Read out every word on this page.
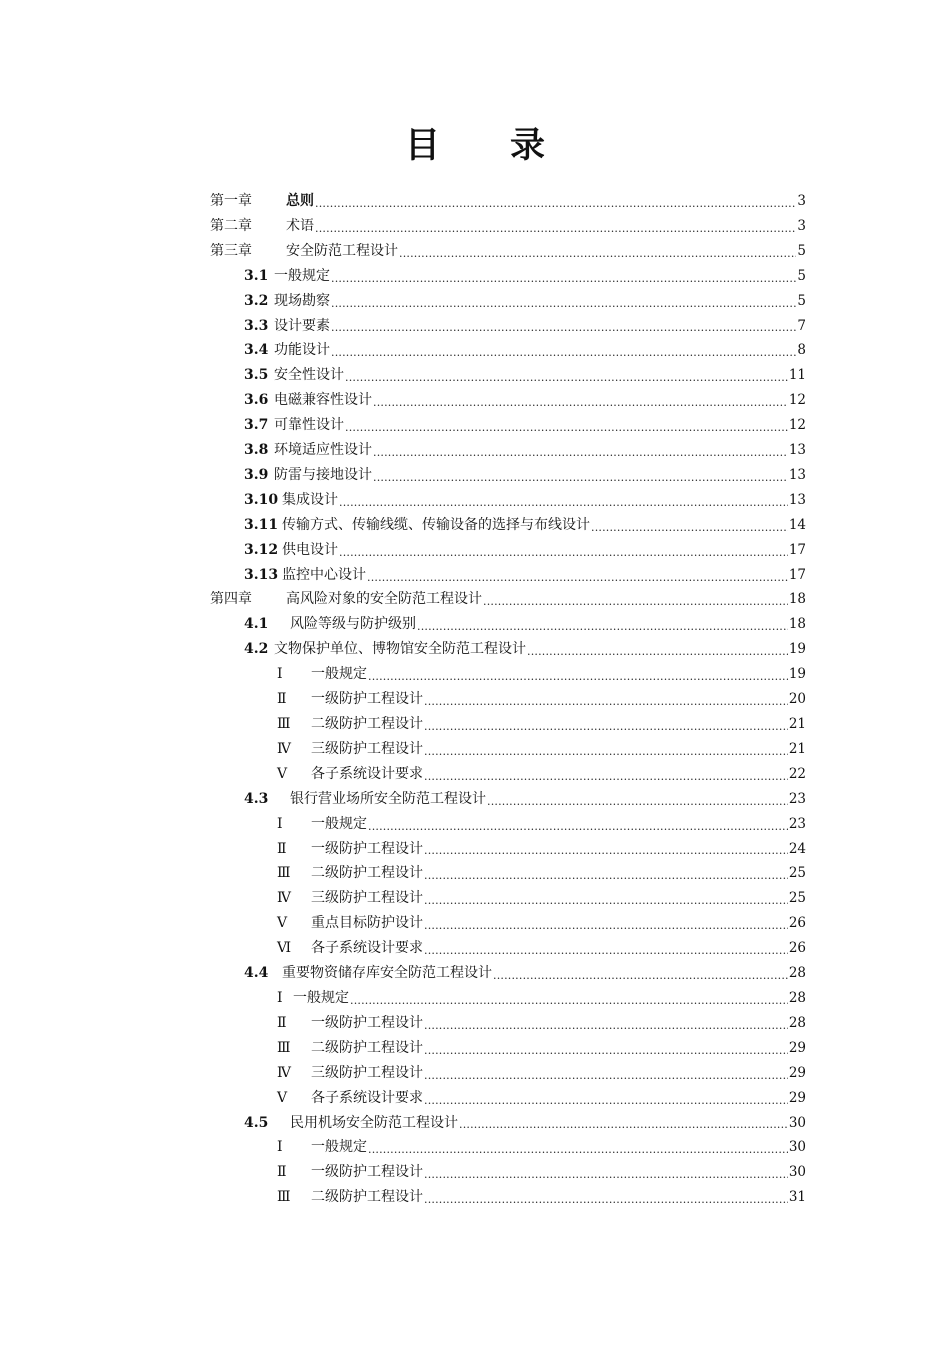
目 录
第一章	总则 .....	3
第二章	术语 .....	3
第三章	安全防范工程设计 .....	5
3.1 一般规定 .....	5
3.2 现场勘察 .....	5
3.3 设计要素 .....	7
3.4 功能设计 .....	8
3.5 安全性设计 .....	11
3.6 电磁兼容性设计 .....	12
3.7 可靠性设计 .....	12
3.8 环境适应性设计 .....	13
3.9 防雷与接地设计 .....	13
3.10 集成设计 .....	13
3.11 传输方式、传输线缆、传输设备的选择与布线设计 .....	14
3.12 供电设计 .....	17
3.13 监控中心设计 .....	17
第四章	高风险对象的安全防范工程设计 .....	18
4.1	风险等级与防护级别 .....	18
4.2 文物保护单位、博物馆安全防范工程设计 .....	19
Ⅰ	一般规定 .....	19
Ⅱ	一级防护工程设计 .....	20
Ⅲ	二级防护工程设计 .....	21
Ⅳ	三级防护工程设计 .....	21
Ⅴ	各子系统设计要求 .....	22
4.3	银行营业场所安全防范工程设计 .....	23
Ⅰ	一般规定 .....	23
Ⅱ	一级防护工程设计 .....	24
Ⅲ	二级防护工程设计 .....	25
Ⅳ	三级防护工程设计 .....	25
Ⅴ	重点目标防护设计 .....	26
Ⅵ	各子系统设计要求 .....	26
4.4 重要物资储存库安全防范工程设计 .....	28
Ⅰ 一般规定 .....	28
Ⅱ	一级防护工程设计 .....	28
Ⅲ	二级防护工程设计 .....	29
Ⅳ	三级防护工程设计 .....	29
Ⅴ	各子系统设计要求 .....	29
4.5	民用机场安全防范工程设计 .....	30
Ⅰ	一般规定 .....	30
Ⅱ	一级防护工程设计 .....	30
Ⅲ	二级防护工程设计 .....	31
